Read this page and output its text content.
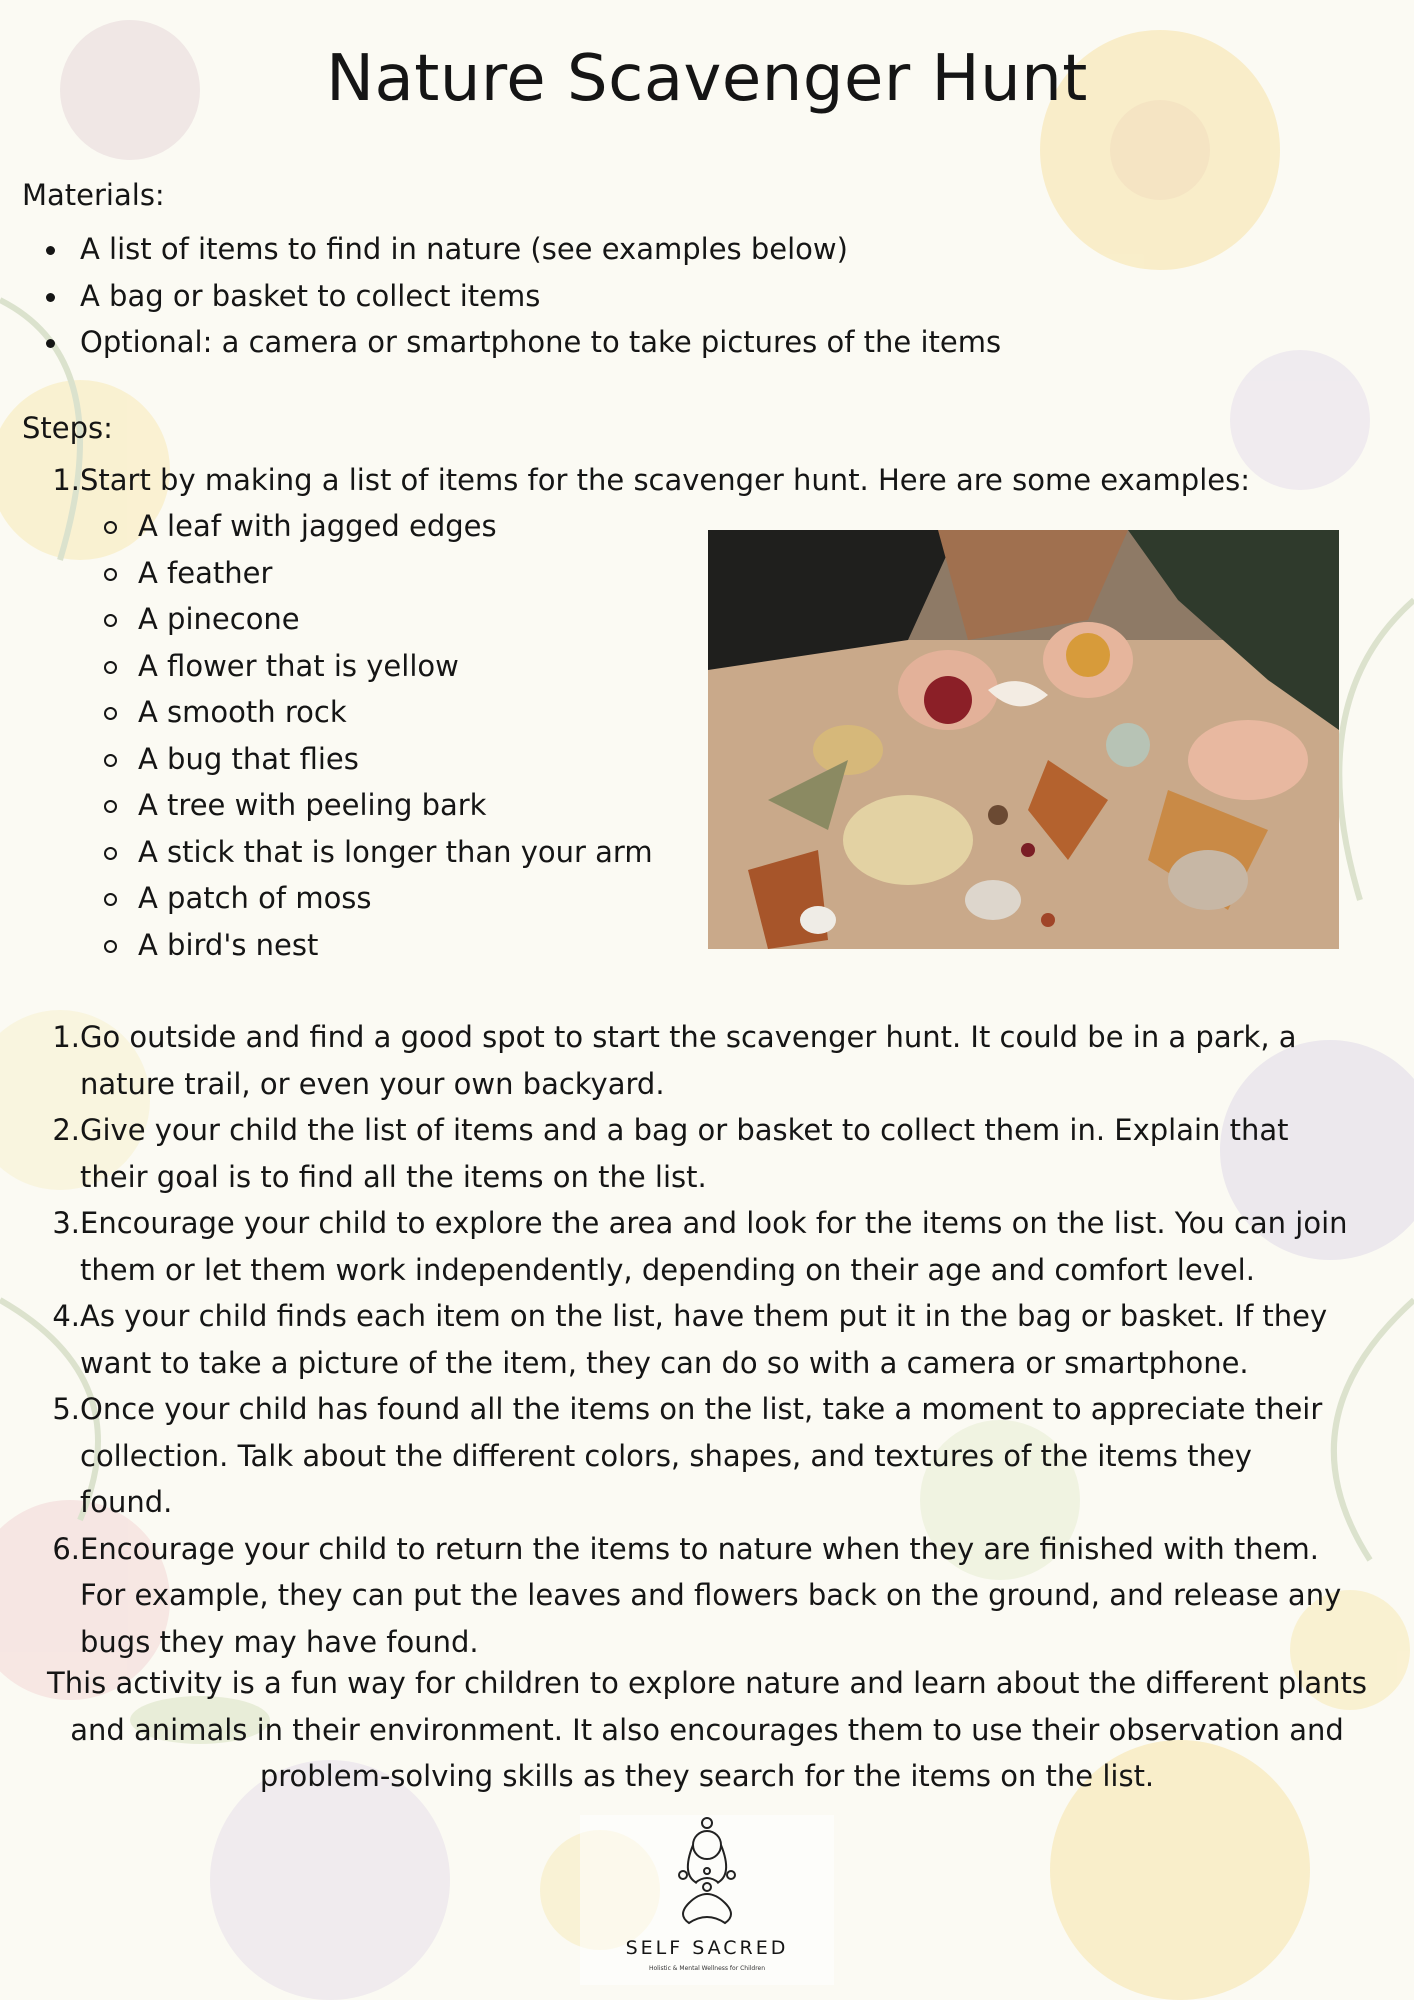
Nature Scavenger Hunt
Materials:
A list of items to find in nature (see examples below)
A bag or basket to collect items
Optional: a camera or smartphone to take pictures of the items
Steps:
1. Start by making a list of items for the scavenger hunt. Here are some examples:
A leaf with jagged edges
A feather
A pinecone
A flower that is yellow
A smooth rock
A bug that flies
A tree with peeling bark
A stick that is longer than your arm
A patch of moss
A bird's nest
1. Go outside and find a good spot to start the scavenger hunt. It could be in a park, a nature trail, or even your own backyard.
2. Give your child the list of items and a bag or basket to collect them in. Explain that their goal is to find all the items on the list.
3. Encourage your child to explore the area and look for the items on the list. You can join them or let them work independently, depending on their age and comfort level.
4. As your child finds each item on the list, have them put it in the bag or basket. If they want to take a picture of the item, they can do so with a camera or smartphone.
5. Once your child has found all the items on the list, take a moment to appreciate their collection. Talk about the different colors, shapes, and textures of the items they found.
6. Encourage your child to return the items to nature when they are finished with them. For example, they can put the leaves and flowers back on the ground, and release any bugs they may have found.
This activity is a fun way for children to explore nature and learn about the different plants and animals in their environment. It also encourages them to use their observation and problem-solving skills as they search for the items on the list.
SELF SACRED
Holistic & Mental Wellness for Children
